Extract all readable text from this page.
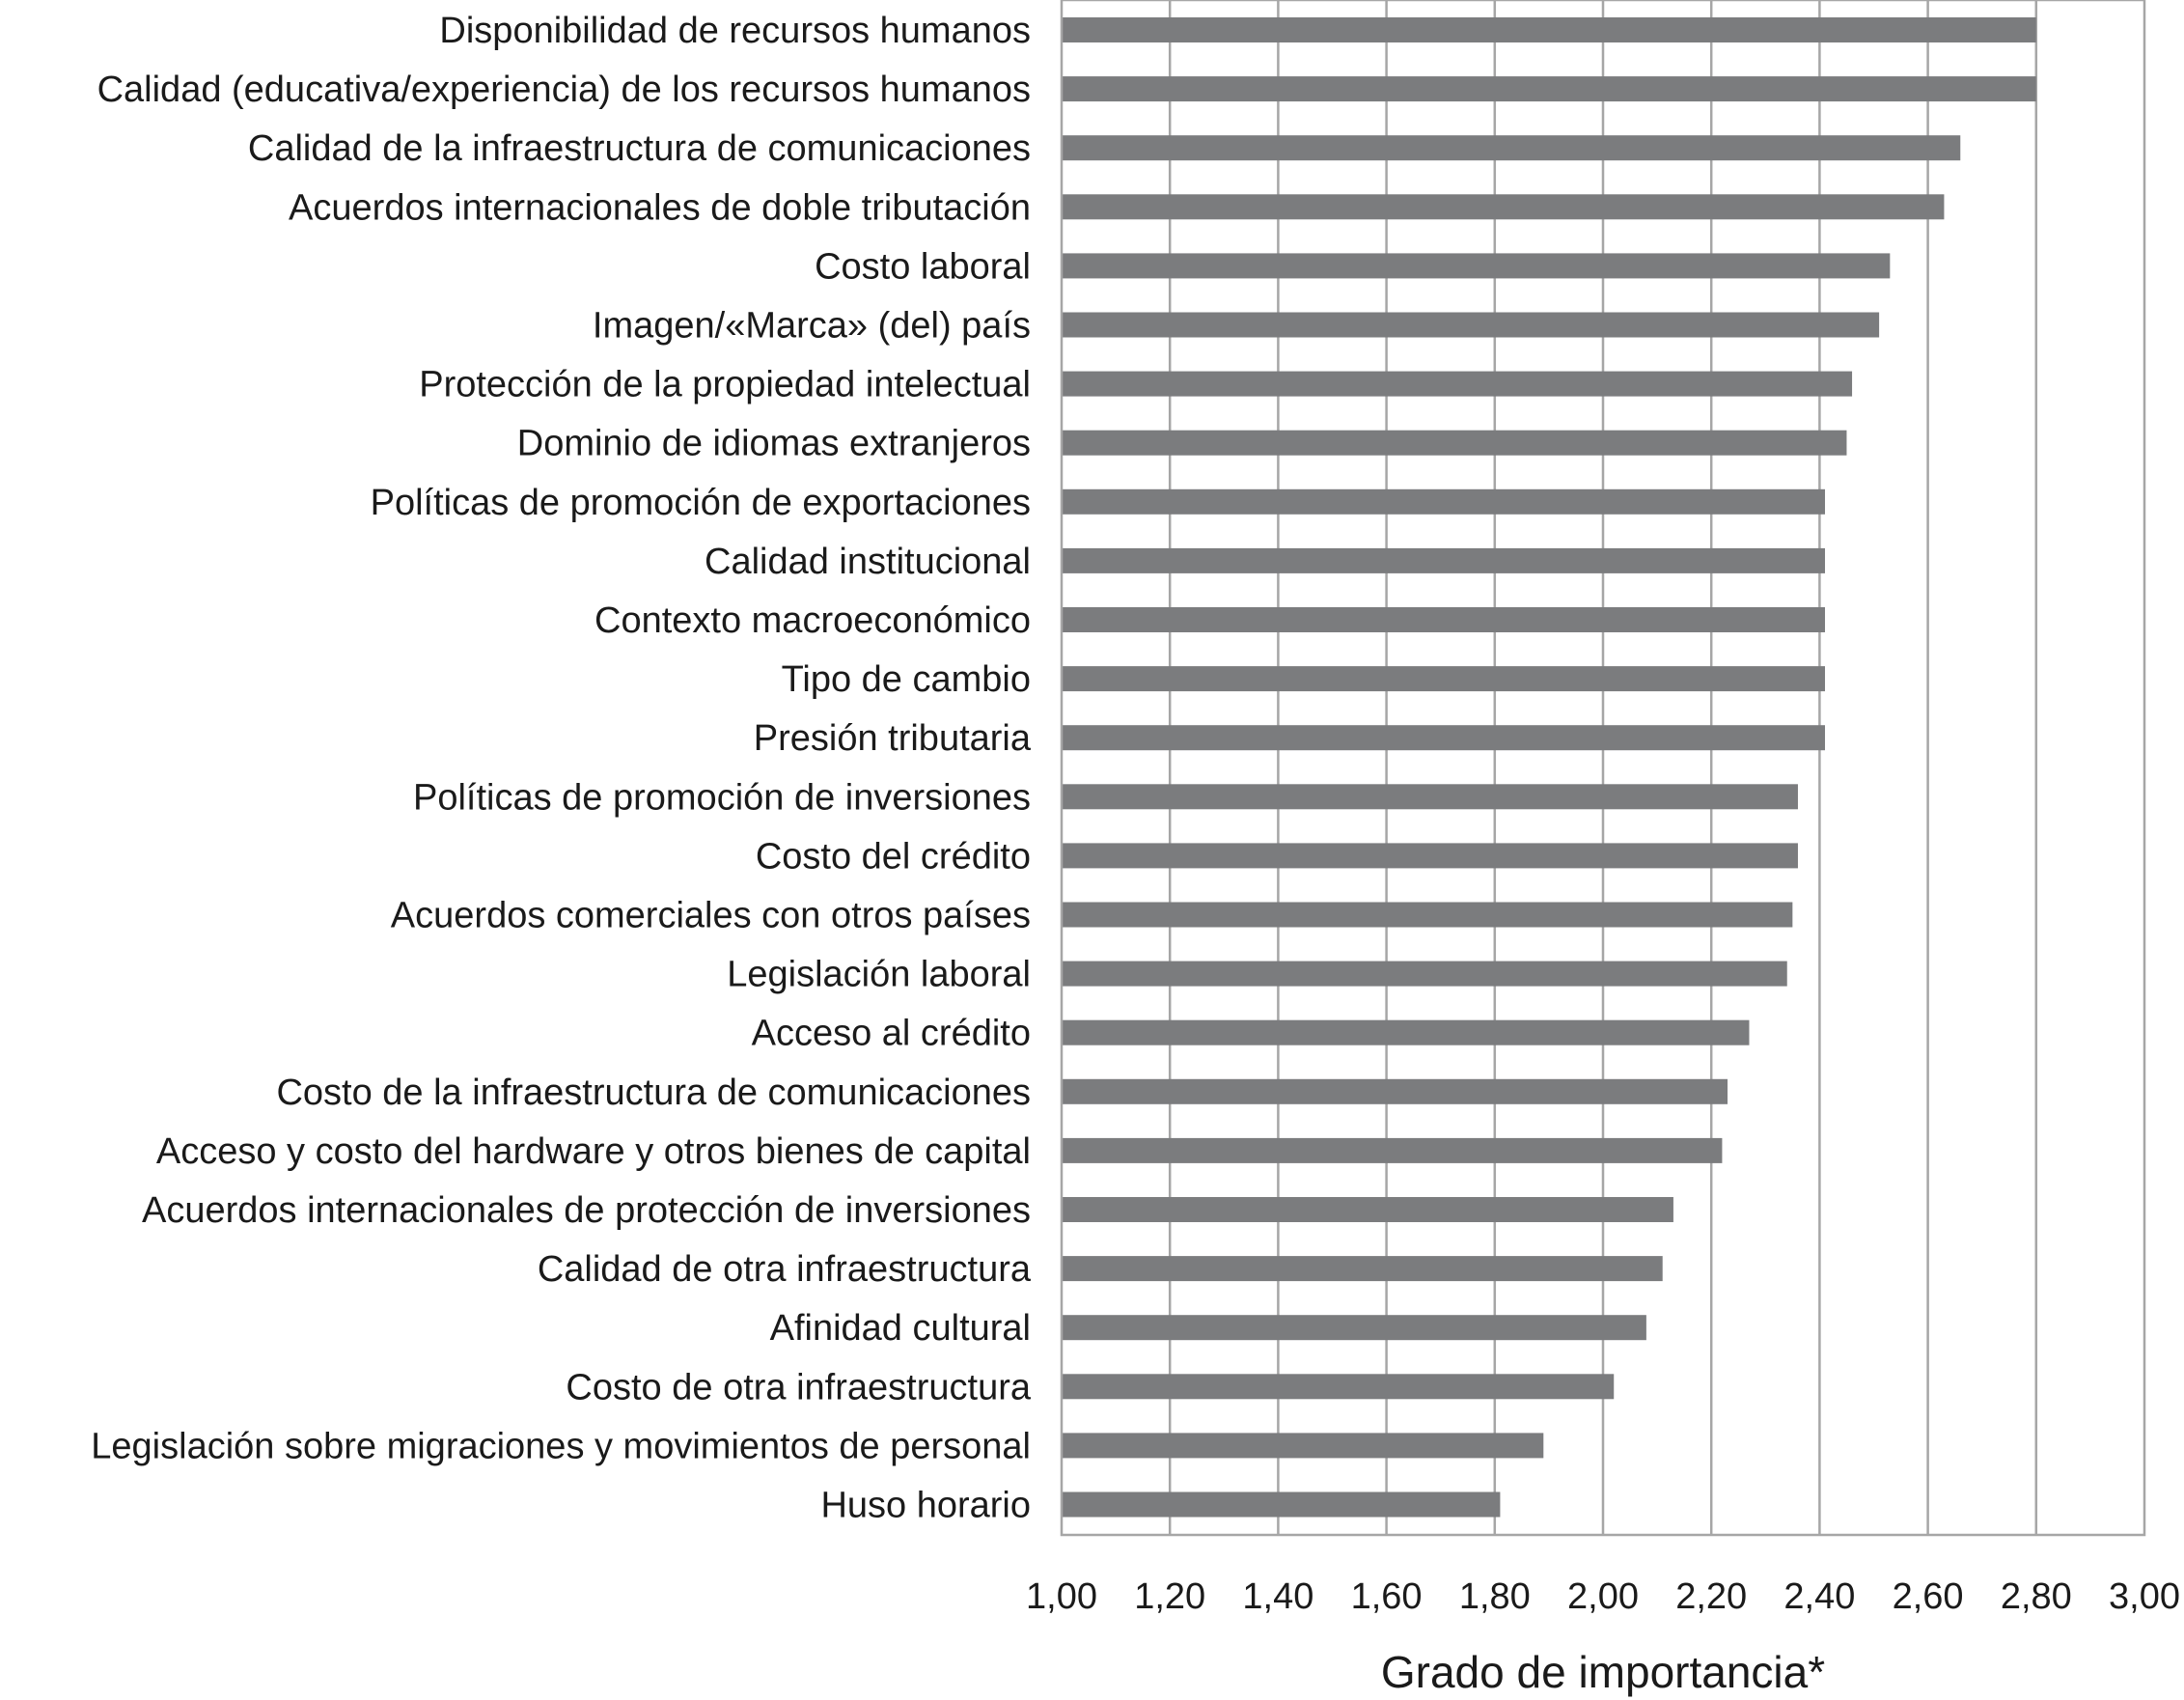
Disponibilidad de recursos humanos
Calidad (educativa/experiencia) de los recursos humanos
Calidad de la infraestructura de comunicaciones
Acuerdos internacionales de doble tributación
Costo laboral
Imagen/«Marca» (del) país
Protección de la propiedad intelectual
Dominio de idiomas extranjeros
Políticas de promoción de exportaciones
Calidad institucional
Contexto macroeconómico
Tipo de cambio
Presión tributaria
Políticas de promoción de inversiones
Costo del crédito
Acuerdos comerciales con otros países
Legislación laboral
Acceso al crédito
Costo de la infraestructura de comunicaciones
Acceso y costo del hardware y otros bienes de capital
Acuerdos internacionales de protección de inversiones
Calidad de otra infraestructura
Afinidad cultural
Costo de otra infraestructura
Legislación sobre migraciones y movimientos de personal
Huso horario
1,00 1,20 1,40 1,60 1,80 2,00 2,20 2,40 2,60 2,80 3,00
Grado de importancia*
